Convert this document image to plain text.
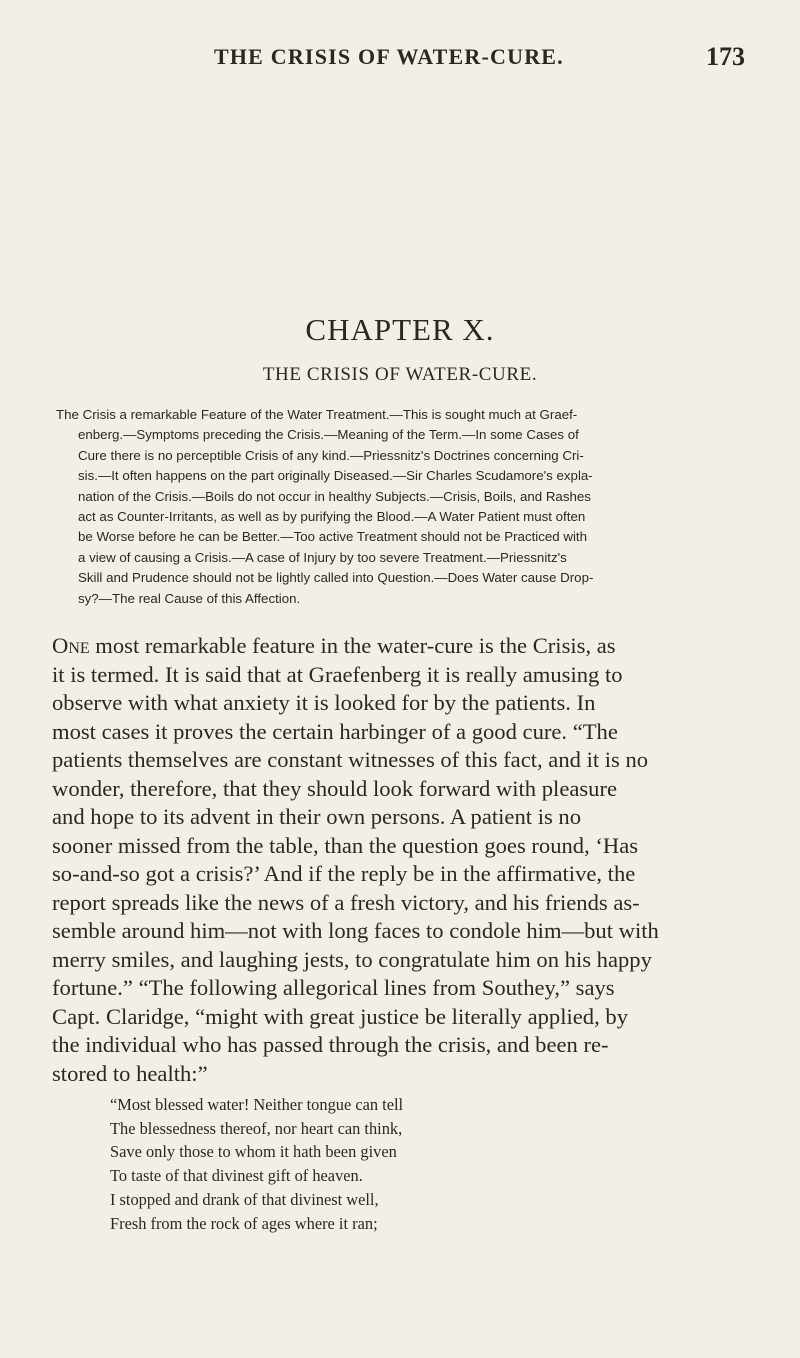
THE CRISIS OF WATER-CURE.	173
CHAPTER X.
THE CRISIS OF WATER-CURE.
The Crisis a remarkable Feature of the Water Treatment.—This is sought much at Graef-
enberg.—Symptoms preceding the Crisis.—Meaning of the Term.—In some Cases of
Cure there is no perceptible Crisis of any kind.—Priessnitz's Doctrines concerning Cri-
sis.—It often happens on the part originally Diseased.—Sir Charles Scudamore's expla-
nation of the Crisis.—Boils do not occur in healthy Subjects.—Crisis, Boils, and Rashes
act as Counter-Irritants, as well as by purifying the Blood.—A Water Patient must often
be Worse before he can be Better.—Too active Treatment should not be Practiced with
a view of causing a Crisis.—A case of Injury by too severe Treatment.—Priessnitz's
Skill and Prudence should not be lightly called into Question.—Does Water cause Drop-
sy?—The real Cause of this Affection.
One most remarkable feature in the water-cure is the Crisis, as
it is termed. It is said that at Graefenberg it is really amusing to
observe with what anxiety it is looked for by the patients. In
most cases it proves the certain harbinger of a good cure. “The
patients themselves are constant witnesses of this fact, and it is no
wonder, therefore, that they should look forward with pleasure
and hope to its advent in their own persons. A patient is no
sooner missed from the table, than the question goes round, ‘Has
so-and-so got a crisis?’ And if the reply be in the affirmative, the
report spreads like the news of a fresh victory, and his friends as-
semble around him—not with long faces to condole him—but with
merry smiles, and laughing jests, to congratulate him on his happy
fortune.” “The following allegorical lines from Southey,” says
Capt. Claridge, “might with great justice be literally applied, by
the individual who has passed through the crisis, and been re-
stored to health:”
“Most blessed water! Neither tongue can tell
The blessedness thereof, nor heart can think,
Save only those to whom it hath been given
To taste of that divinest gift of heaven.
I stopped and drank of that divinest well,
Fresh from the rock of ages where it ran;
